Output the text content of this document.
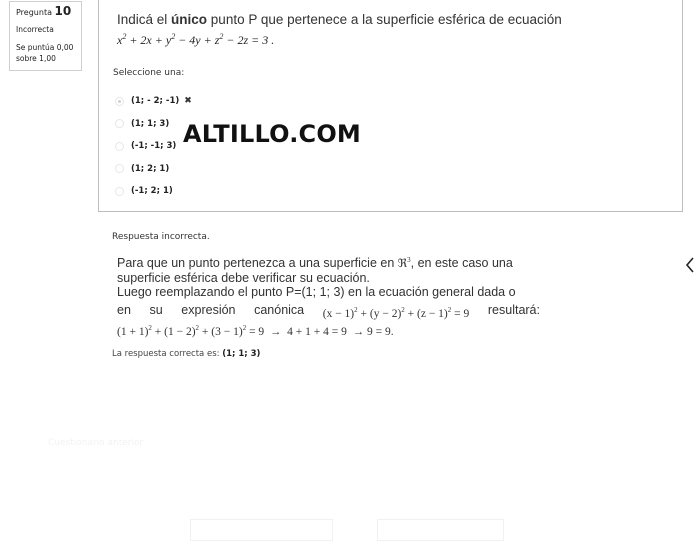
Pregunta 10
Incorrecta
Se puntúa 0,00 sobre 1,00
Indicá el único punto P que pertenece a la superficie esférica de ecuación
$x^2 + 2x + y^2 - 4y + z^2 - 2z = 3$ .
Seleccione una:
(1; - 2; -1) ✖
(1; 1; 3)
(-1; -1; 3)
(1; 2; 1)
(-1; 2; 1)
ALTILLO.COM
Respuesta incorrecta.
Para que un punto pertenezca a una superficie en ℜ$^3$, en este caso una
superficie esférica debe verificar su ecuación.
Luego reemplazando el punto P=(1; 1; 3) en la ecuación general dada o
en su expresión canónica $(x - 1)^2 + (y - 2)^2 + (z - 1)^2 = 9$ resultará:
$(1 + 1)^2 + (1 - 2)^2 + (3 - 1)^2 = 9 \to 4 + 1 + 4 = 9 \to 9 = 9$.
La respuesta correcta es: (1; 1; 3)
Cuestionario anterior
